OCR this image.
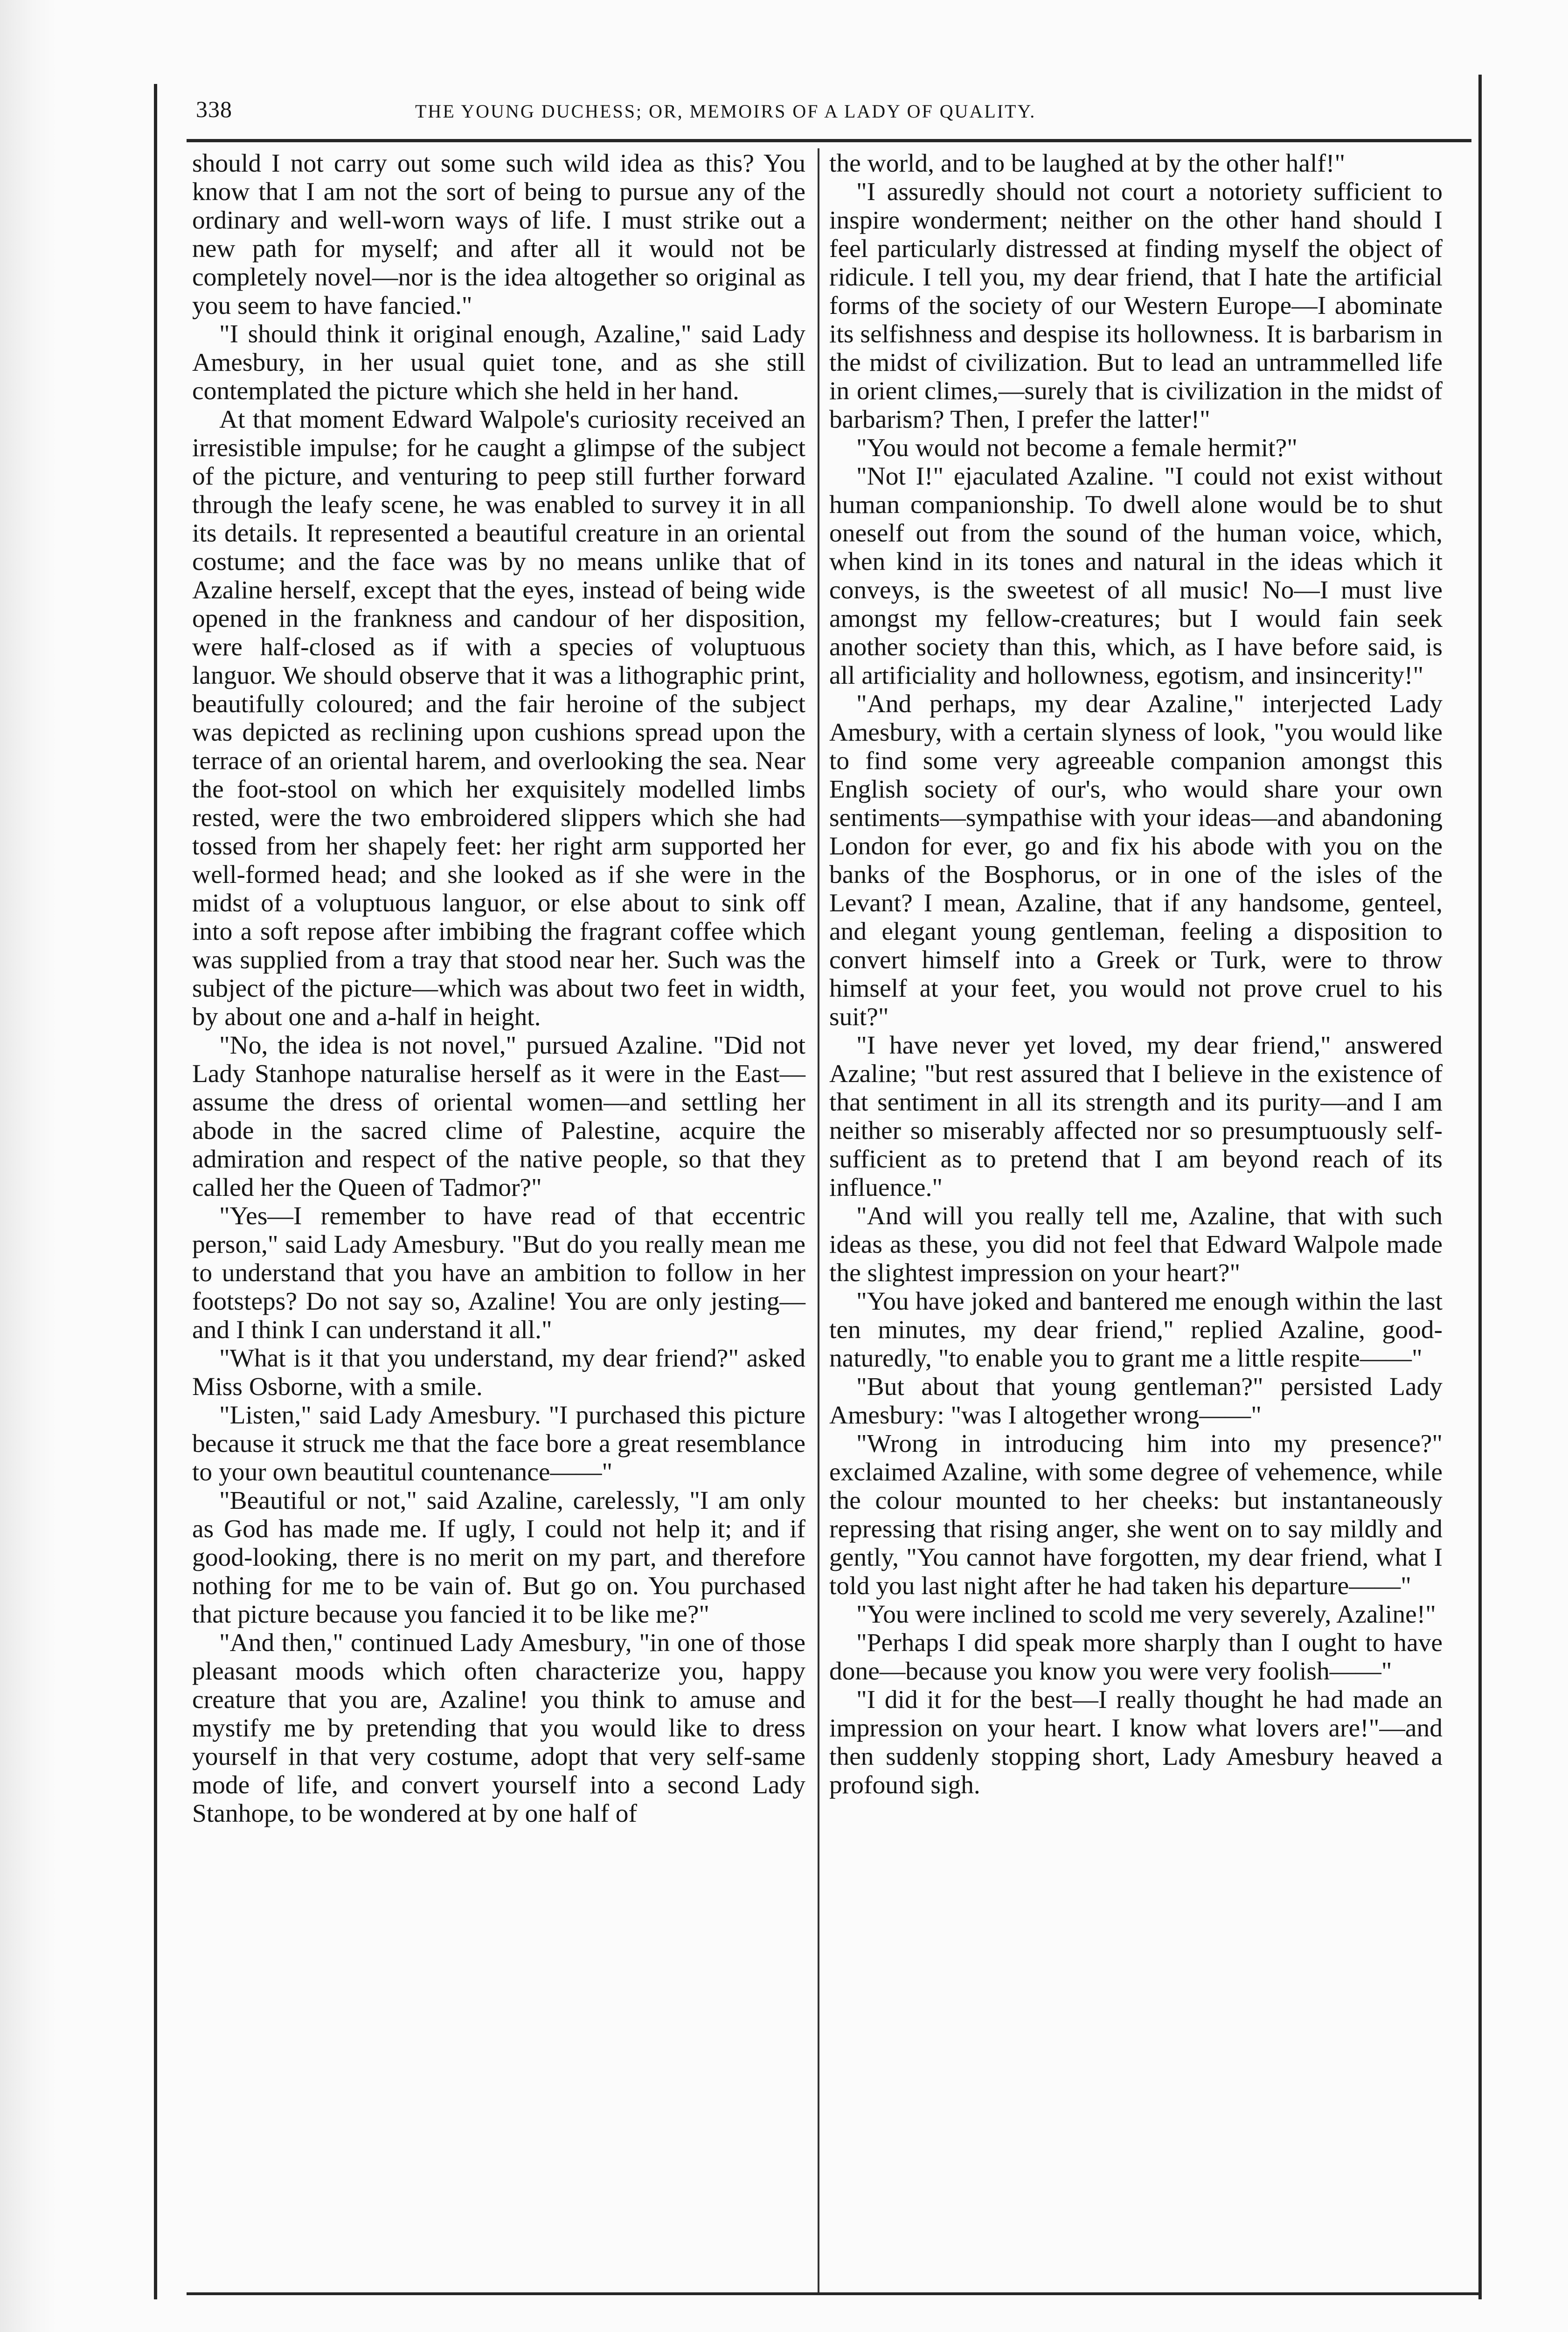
338	THE YOUNG DUCHESS; OR, MEMOIRS OF A LADY OF QUALITY.

should I not carry out some such wild idea as this? You know that I am not the sort of being to pursue any of the ordinary and well-worn ways of life. I must strike out a new path for myself; and after all it would not be completely novel—nor is the idea altogether so original as you seem to have fancied."

"I should think it original enough, Azaline," said Lady Amesbury, in her usual quiet tone, and as she still contemplated the picture which she held in her hand.

At that moment Edward Walpole's curiosity received an irresistible impulse; for he caught a glimpse of the subject of the picture, and venturing to peep still further forward through the leafy scene, he was enabled to survey it in all its details. It represented a beautiful creature in an oriental costume; and the face was by no means unlike that of Azaline herself, except that the eyes, instead of being wide opened in the frankness and candour of her disposition, were half-closed as if with a species of voluptuous languor. We should observe that it was a lithographic print, beautifully coloured; and the fair heroine of the subject was depicted as reclining upon cushions spread upon the terrace of an oriental harem, and overlooking the sea. Near the foot-stool on which her exquisitely modelled limbs rested, were the two embroidered slippers which she had tossed from her shapely feet: her right arm supported her well-formed head; and she looked as if she were in the midst of a voluptuous languor, or else about to sink off into a soft repose after imbibing the fragrant coffee which was supplied from a tray that stood near her. Such was the subject of the picture—which was about two feet in width, by about one and a-half in height.

"No, the idea is not novel," pursued Azaline. "Did not Lady Stanhope naturalise herself as it were in the East—assume the dress of oriental women—and settling her abode in the sacred clime of Palestine, acquire the admiration and respect of the native people, so that they called her the Queen of Tadmor?"

"Yes—I remember to have read of that eccentric person," said Lady Amesbury. "But do you really mean me to understand that you have an ambition to follow in her footsteps? Do not say so, Azaline! You are only jesting—and I think I can understand it all."

"What is it that you understand, my dear friend?" asked Miss Osborne, with a smile.

"Listen," said Lady Amesbury. "I purchased this picture because it struck me that the face bore a great resemblance to your own beautitul countenance——"

"Beautiful or not," said Azaline, carelessly, "I am only as God has made me. If ugly, I could not help it; and if good-looking, there is no merit on my part, and therefore nothing for me to be vain of. But go on. You purchased that picture because you fancied it to be like me?"

"And then," continued Lady Amesbury, "in one of those pleasant moods which often characterize you, happy creature that you are, Azaline! you think to amuse and mystify me by pretending that you would like to dress yourself in that very costume, adopt that very self-same mode of life, and convert yourself into a second Lady Stanhope, to be wondered at by one half of

the world, and to be laughed at by the other half!"

"I assuredly should not court a notoriety sufficient to inspire wonderment; neither on the other hand should I feel particularly distressed at finding myself the object of ridicule. I tell you, my dear friend, that I hate the artificial forms of the society of our Western Europe—I abominate its selfishness and despise its hollowness. It is barbarism in the midst of civilization. But to lead an untrammelled life in orient climes,—surely that is civilization in the midst of barbarism? Then, I prefer the latter!"

"You would not become a female hermit?"

"Not I!" ejaculated Azaline. "I could not exist without human companionship. To dwell alone would be to shut oneself out from the sound of the human voice, which, when kind in its tones and natural in the ideas which it conveys, is the sweetest of all music! No—I must live amongst my fellow-creatures; but I would fain seek another society than this, which, as I have before said, is all artificiality and hollowness, egotism, and insincerity!"

"And perhaps, my dear Azaline," interjected Lady Amesbury, with a certain slyness of look, "you would like to find some very agreeable companion amongst this English society of our's, who would share your own sentiments—sympathise with your ideas—and abandoning London for ever, go and fix his abode with you on the banks of the Bosphorus, or in one of the isles of the Levant? I mean, Azaline, that if any handsome, genteel, and elegant young gentleman, feeling a disposition to convert himself into a Greek or Turk, were to throw himself at your feet, you would not prove cruel to his suit?"

"I have never yet loved, my dear friend," answered Azaline; "but rest assured that I believe in the existence of that sentiment in all its strength and its purity—and I am neither so miserably affected nor so presumptuously self-sufficient as to pretend that I am beyond reach of its influence."

"And will you really tell me, Azaline, that with such ideas as these, you did not feel that Edward Walpole made the slightest impression on your heart?"

"You have joked and bantered me enough within the last ten minutes, my dear friend," replied Azaline, good-naturedly, "to enable you to grant me a little respite——"

"But about that young gentleman?" persisted Lady Amesbury: "was I altogether wrong——"

"Wrong in introducing him into my presence?" exclaimed Azaline, with some degree of vehemence, while the colour mounted to her cheeks: but instantaneously repressing that rising anger, she went on to say mildly and gently, "You cannot have forgotten, my dear friend, what I told you last night after he had taken his departure——"

"You were inclined to scold me very severely, Azaline!"

"Perhaps I did speak more sharply than I ought to have done—because you know you were very foolish——"

"I did it for the best—I really thought he had made an impression on your heart. I know what lovers are!"—and then suddenly stopping short, Lady Amesbury heaved a profound sigh.
